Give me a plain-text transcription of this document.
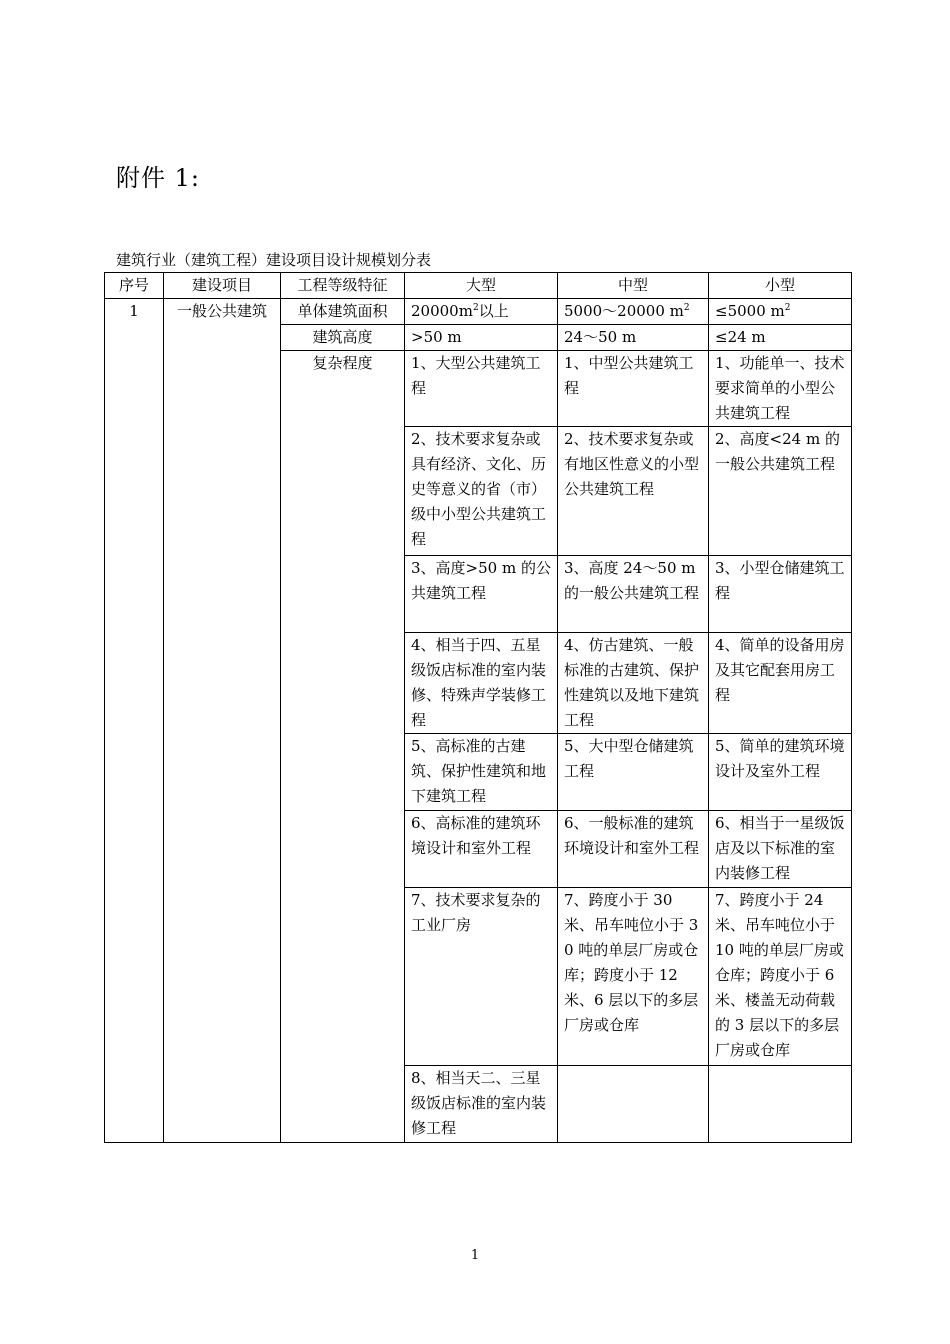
附件 1:
建筑行业（建筑工程）建设项目设计规模划分表
序号	建设项目	工程等级特征	大型	中型	小型
1	一般公共建筑	单体建筑面积	$20000m^2$以上	5000～20000 $m^2$	≤5000 $m^2$
		建筑高度	>50 m	24～50 m	≤24 m
		复杂程度	1、大型公共建筑工程	1、中型公共建筑工程	1、功能单一、技术要求简单的小型公共建筑工程
			2、技术要求复杂或具有经济、文化、历史等意义的省（市）级中小型公共建筑工程	2、技术要求复杂或有地区性意义的小型公共建筑工程	2、高度<24 m 的一般公共建筑工程
			3、高度>50 m 的公共建筑工程	3、高度 24～50 m 的一般公共建筑工程	3、小型仓储建筑工程
			4、相当于四、五星级饭店标准的室内装修、特殊声学装修工程	4、仿古建筑、一般标准的古建筑、保护性建筑以及地下建筑工程	4、简单的设备用房及其它配套用房工程
			5、高标准的古建筑、保护性建筑和地下建筑工程	5、大中型仓储建筑工程	5、简单的建筑环境设计及室外工程
			6、高标准的建筑环境设计和室外工程	6、一般标准的建筑环境设计和室外工程	6、相当于一星级饭店及以下标准的室内装修工程
			7、技术要求复杂的工业厂房	7、跨度小于 30 米、吊车吨位小于 30 吨的单层厂房或仓库；跨度小于 12 米、6 层以下的多层厂房或仓库	7、跨度小于 24 米、吊车吨位小于 10 吨的单层厂房或仓库；跨度小于 6 米、楼盖无动荷载的 3 层以下的多层厂房或仓库
			8、相当天二、三星级饭店标准的室内装修工程		
1
